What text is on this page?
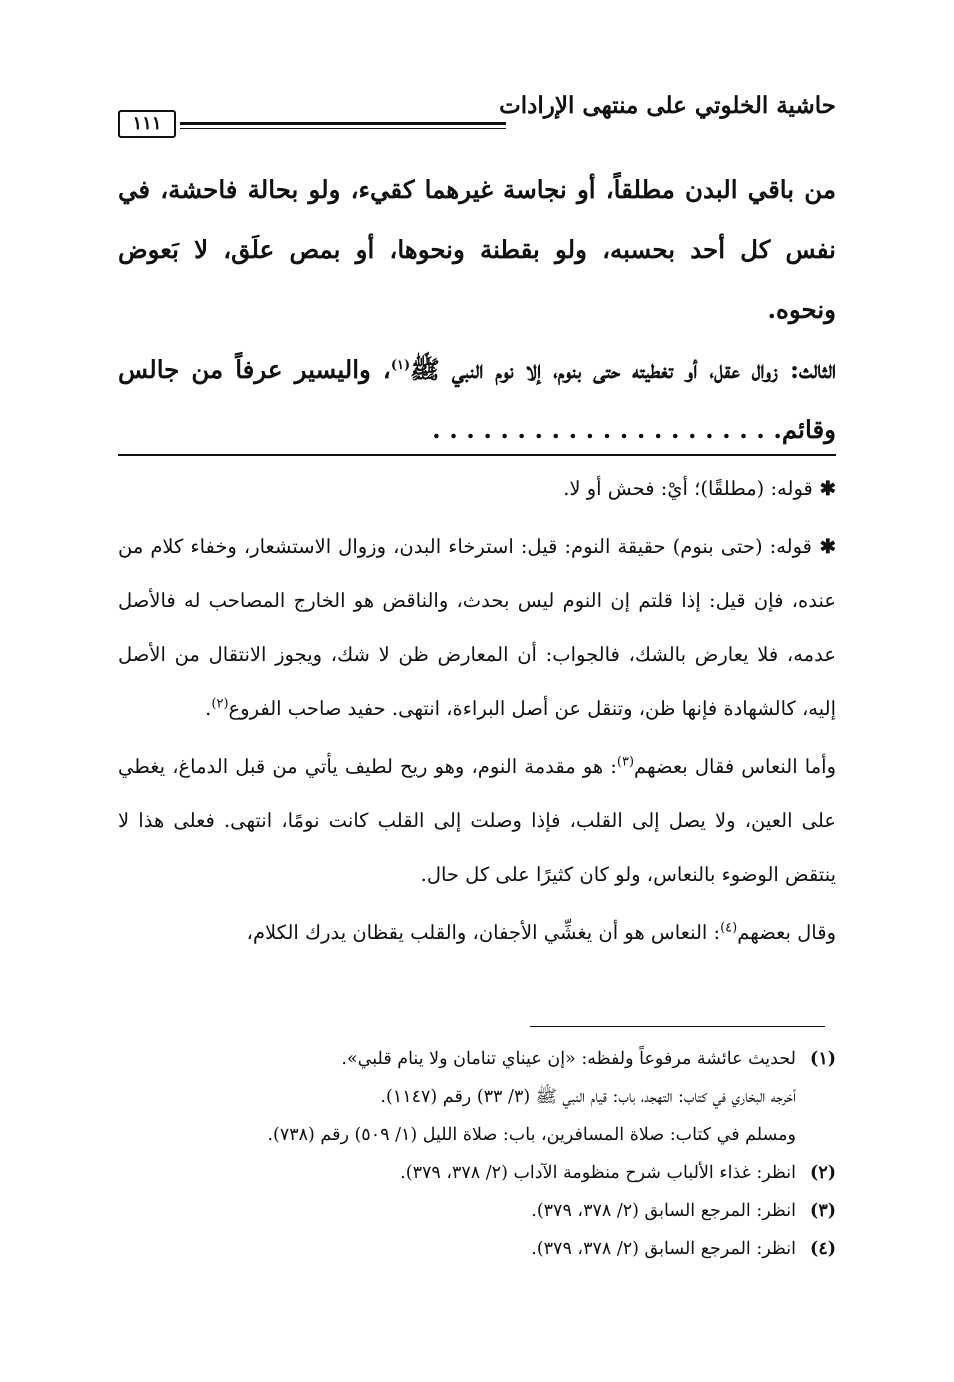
حاشية الخلوتي على منتهى الإرادات
١١١

من باقي البدن مطلقاً، أو نجاسة غيرهما كقيء، ولو بحالة فاحشة، في نفس كل أحد بحسبه، ولو بقطنة ونحوها، أو بمص علَق، لا بَعوض ونحوه.

الثالث: زوال عقل، أو تغطيته حتى بنوم، إلا نوم النبي ﷺ$^{(١)}$، واليسير عرفاً من جالس وقائم. . . . . . . . . . . . . . . . . . . . .

✱ قوله: (مطلقًا)؛ أيْ: فحش أو لا.

✱ قوله: (حتى بنوم) حقيقة النوم: قيل: استرخاء البدن، وزوال الاستشعار، وخفاء كلام من عنده، فإن قيل: إذا قلتم إن النوم ليس بحدث، والناقض هو الخارج المصاحب له فالأصل عدمه، فلا يعارض بالشك، فالجواب: أن المعارض ظن لا شك، ويجوز الانتقال من الأصل إليه، كالشهادة فإنها ظن، وتنقل عن أصل البراءة، انتهى. حفيد صاحب الفروع$^{(٢)}$.

وأما النعاس فقال بعضهم$^{(٣)}$: هو مقدمة النوم، وهو ريح لطيف يأتي من قبل الدماغ، يغطي على العين، ولا يصل إلى القلب، فإذا وصلت إلى القلب كانت نومًا، انتهى. فعلى هذا لا ينتقض الوضوء بالنعاس، ولو كان كثيرًا على كل حال.

وقال بعضهم$^{(٤)}$: النعاس هو أن يغشِّي الأجفان، والقلب يقظان يدرك الكلام،

(١)لحديث عائشة مرفوعاً ولفظه: «إن عيناي تنامان ولا ينام قلبي».

أخرجه البخاري في كتاب: التهجد، باب: قيام النبي ﷺ (٣/ ٣٣) رقم (١١٤٧).

ومسلم في كتاب: صلاة المسافرين، باب: صلاة الليل (١/ ٥٠٩) رقم (٧٣٨).

(٢)انظر: غذاء الألباب شرح منظومة الآداب (٢/ ٣٧٨، ٣٧٩).

(٣)انظر: المرجع السابق (٢/ ٣٧٨، ٣٧٩).

(٤)انظر: المرجع السابق (٢/ ٣٧٨، ٣٧٩).
